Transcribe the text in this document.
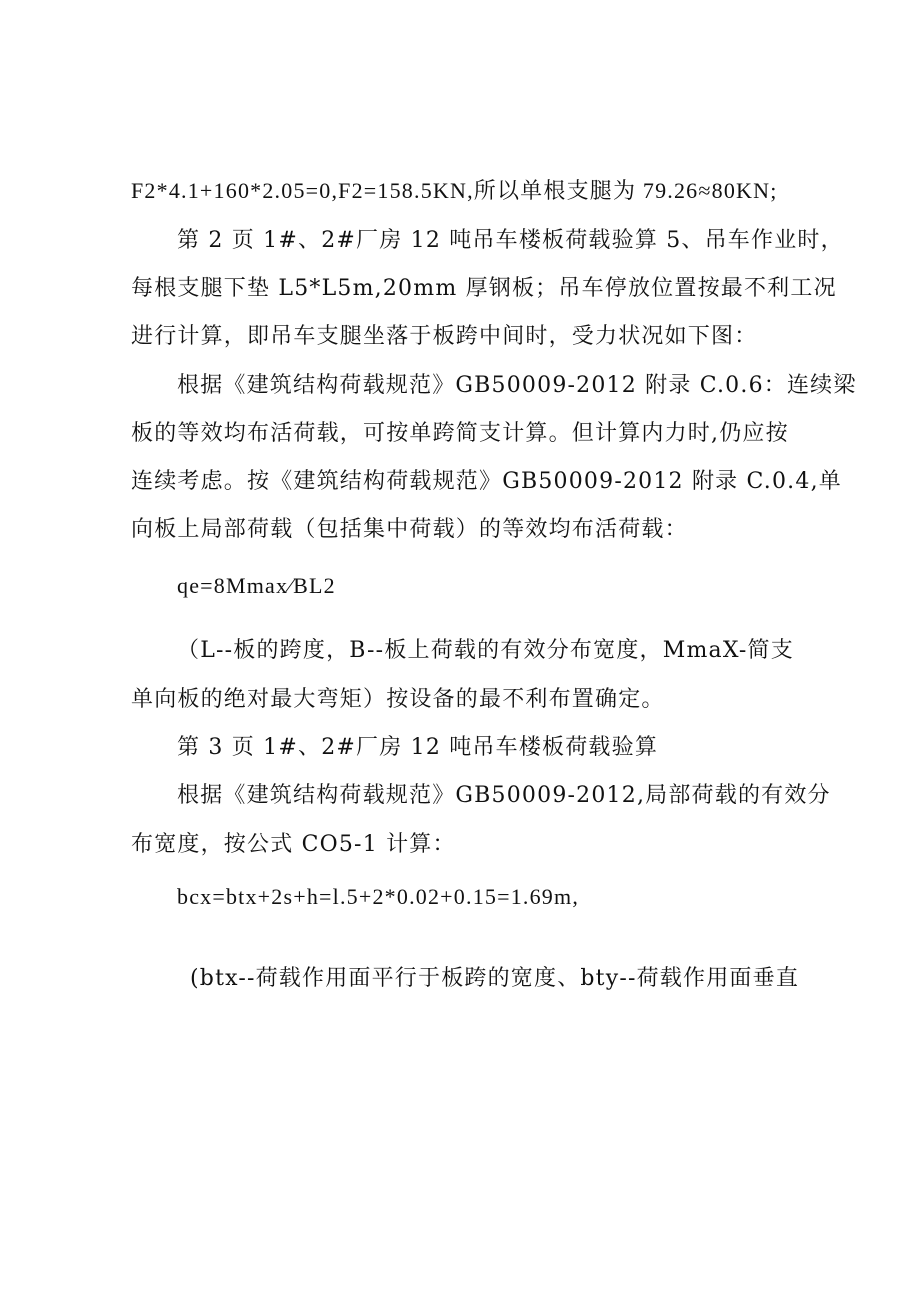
F2*4.1+160*2.05=0,F2=158.5KN,所以单根支腿为 79.26≈80KN;
第 2 页 1#、2#厂房 12 吨吊车楼板荷载验算 5、吊车作业时，
每根支腿下垫 L5*L5m,20mm 厚钢板；吊车停放位置按最不利工况
进行计算，即吊车支腿坐落于板跨中间时，受力状况如下图：
根据《建筑结构荷载规范》GB50009-2012 附录 C.0.6：连续梁
板的等效均布活荷载，可按单跨简支计算。但计算内力时,仍应按
连续考虑。按《建筑结构荷载规范》GB50009-2012 附录 C.0.4,单
向板上局部荷载（包括集中荷载）的等效均布活荷载：
qe=8Mmax∕BL2
（L--板的跨度，B--板上荷载的有效分布宽度，MmaX-简支
单向板的绝对最大弯矩）按设备的最不利布置确定。
第 3 页 1#、2#厂房 12 吨吊车楼板荷载验算
根据《建筑结构荷载规范》GB50009-2012,局部荷载的有效分
布宽度，按公式 CO5-1 计算：
bcx=btx+2s+h=l.5+2*0.02+0.15=1.69m,
(btx--荷载作用面平行于板跨的宽度、bty--荷载作用面垂直
